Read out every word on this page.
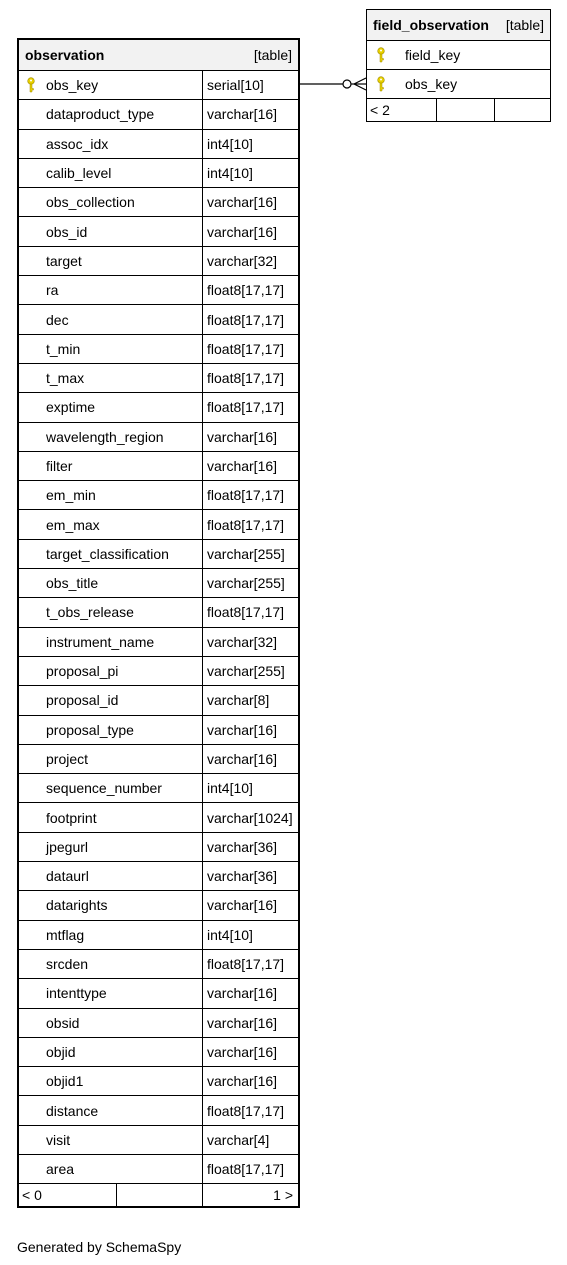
observation	[table]
obs_key	serial[10]
dataproduct_type	varchar[16]
assoc_idx	int4[10]
calib_level	int4[10]
obs_collection	varchar[16]
obs_id	varchar[16]
target	varchar[32]
ra	float8[17,17]
dec	float8[17,17]
t_min	float8[17,17]
t_max	float8[17,17]
exptime	float8[17,17]
wavelength_region	varchar[16]
filter	varchar[16]
em_min	float8[17,17]
em_max	float8[17,17]
target_classification	varchar[255]
obs_title	varchar[255]
t_obs_release	float8[17,17]
instrument_name	varchar[32]
proposal_pi	varchar[255]
proposal_id	varchar[8]
proposal_type	varchar[16]
project	varchar[16]
sequence_number	int4[10]
footprint	varchar[1024]
jpegurl	varchar[36]
dataurl	varchar[36]
datarights	varchar[16]
mtflag	int4[10]
srcden	float8[17,17]
intenttype	varchar[16]
obsid	varchar[16]
objid	varchar[16]
objid1	varchar[16]
distance	float8[17,17]
visit	varchar[4]
area	float8[17,17]
< 0	1 >
field_observation [table]
field_key
obs_key
< 2
Generated by SchemaSpy
